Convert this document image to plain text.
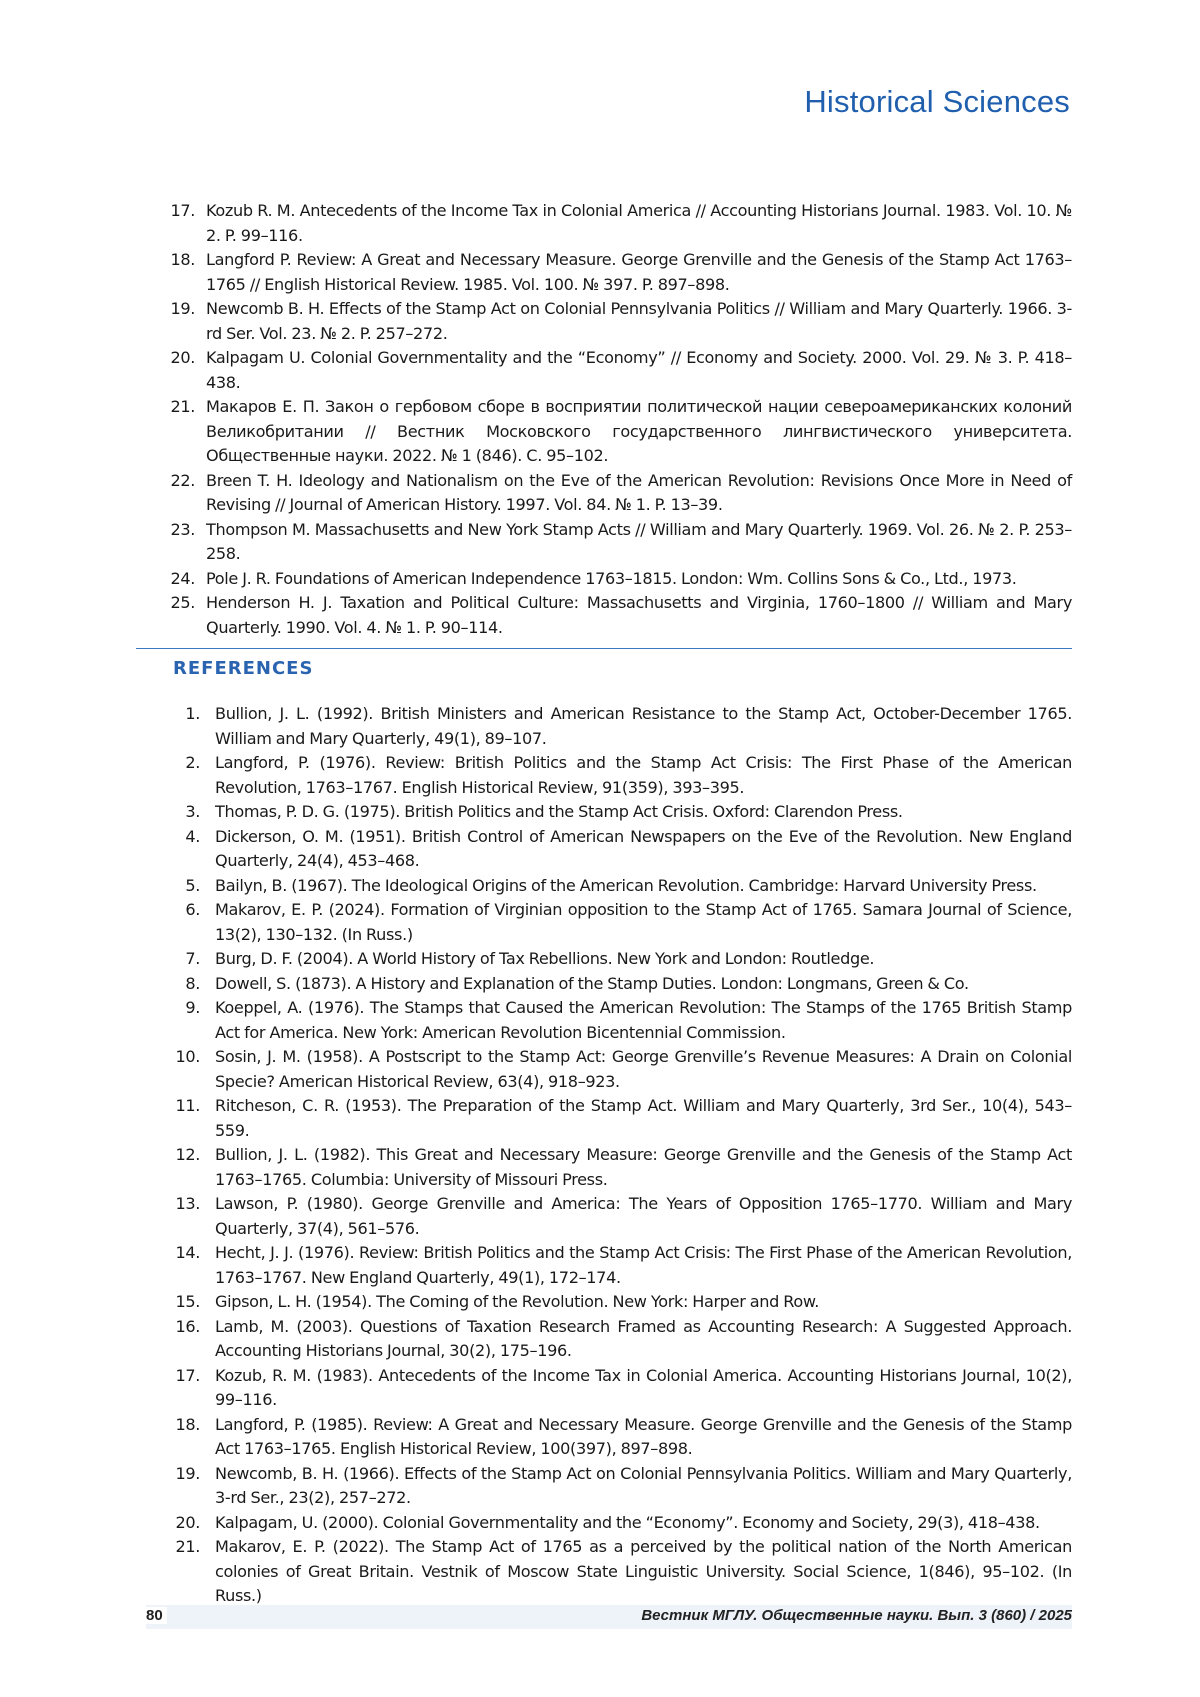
Historical Sciences
17. Kozub R. M. Antecedents of the Income Tax in Colonial America // Accounting Historians Journal. 1983. Vol. 10. № 2. P. 99–116.
18. Langford P. Review: A Great and Necessary Measure. George Grenville and the Genesis of the Stamp Act 1763–1765 // English Historical Review. 1985. Vol. 100. № 397. P. 897–898.
19. Newcomb B. H. Effects of the Stamp Act on Colonial Pennsylvania Politics // William and Mary Quarterly. 1966. 3-rd Ser. Vol. 23. № 2. P. 257–272.
20. Kalpagam U. Colonial Governmentality and the “Economy” // Economy and Society. 2000. Vol. 29. № 3. P. 418–438.
21. Макаров Е. П. Закон о гербовом сборе в восприятии политической нации североамериканских колоний Великобритании // Вестник Московского государственного лингвистического университета. Общественные науки. 2022. № 1 (846). С. 95–102.
22. Breen T. H. Ideology and Nationalism on the Eve of the American Revolution: Revisions Once More in Need of Revising // Journal of American History. 1997. Vol. 84. № 1. P. 13–39.
23. Thompson M. Massachusetts and New York Stamp Acts // William and Mary Quarterly. 1969. Vol. 26. № 2. P. 253–258.
24. Pole J. R. Foundations of American Independence 1763–1815. London: Wm. Collins Sons & Co., Ltd., 1973.
25. Henderson H. J. Taxation and Political Culture: Massachusetts and Virginia, 1760–1800 // William and Mary Quarterly. 1990. Vol. 4. № 1. P. 90–114.
REFERENCES
1. Bullion, J. L. (1992). British Ministers and American Resistance to the Stamp Act, October-December 1765. William and Mary Quarterly, 49(1), 89–107.
2. Langford, P. (1976). Review: British Politics and the Stamp Act Crisis: The First Phase of the American Revolution, 1763–1767. English Historical Review, 91(359), 393–395.
3. Thomas, P. D. G. (1975). British Politics and the Stamp Act Crisis. Oxford: Clarendon Press.
4. Dickerson, O. M. (1951). British Control of American Newspapers on the Eve of the Revolution. New England Quarterly, 24(4), 453–468.
5. Bailyn, B. (1967). The Ideological Origins of the American Revolution. Cambridge: Harvard University Press.
6. Makarov, E. P. (2024). Formation of Virginian opposition to the Stamp Act of 1765. Samara Journal of Science, 13(2), 130–132. (In Russ.)
7. Burg, D. F. (2004). A World History of Tax Rebellions. New York and London: Routledge.
8. Dowell, S. (1873). A History and Explanation of the Stamp Duties. London: Longmans, Green & Co.
9. Koeppel, A. (1976). The Stamps that Caused the American Revolution: The Stamps of the 1765 British Stamp Act for America. New York: American Revolution Bicentennial Commission.
10. Sosin, J. M. (1958). A Postscript to the Stamp Act: George Grenville’s Revenue Measures: A Drain on Colonial Specie? American Historical Review, 63(4), 918–923.
11. Ritcheson, C. R. (1953). The Preparation of the Stamp Act. William and Mary Quarterly, 3rd Ser., 10(4), 543–559.
12. Bullion, J. L. (1982). This Great and Necessary Measure: George Grenville and the Genesis of the Stamp Act 1763–1765. Columbia: University of Missouri Press.
13. Lawson, P. (1980). George Grenville and America: The Years of Opposition 1765–1770. William and Mary Quarterly, 37(4), 561–576.
14. Hecht, J. J. (1976). Review: British Politics and the Stamp Act Crisis: The First Phase of the American Revolution, 1763–1767. New England Quarterly, 49(1), 172–174.
15. Gipson, L. H. (1954). The Coming of the Revolution. New York: Harper and Row.
16. Lamb, M. (2003). Questions of Taxation Research Framed as Accounting Research: A Suggested Approach. Accounting Historians Journal, 30(2), 175–196.
17. Kozub, R. M. (1983). Antecedents of the Income Tax in Colonial America. Accounting Historians Journal, 10(2), 99–116.
18. Langford, P. (1985). Review: A Great and Necessary Measure. George Grenville and the Genesis of the Stamp Act 1763–1765. English Historical Review, 100(397), 897–898.
19. Newcomb, B. H. (1966). Effects of the Stamp Act on Colonial Pennsylvania Politics. William and Mary Quarterly, 3-rd Ser., 23(2), 257–272.
20. Kalpagam, U. (2000). Colonial Governmentality and the “Economy”. Economy and Society, 29(3), 418–438.
21. Makarov, E. P. (2022). The Stamp Act of 1765 as a perceived by the political nation of the North American colonies of Great Britain. Vestnik of Moscow State Linguistic University. Social Science, 1(846), 95–102. (In Russ.)
80	Вестник МГЛУ. Общественные науки. Вып. 3 (860) / 2025
